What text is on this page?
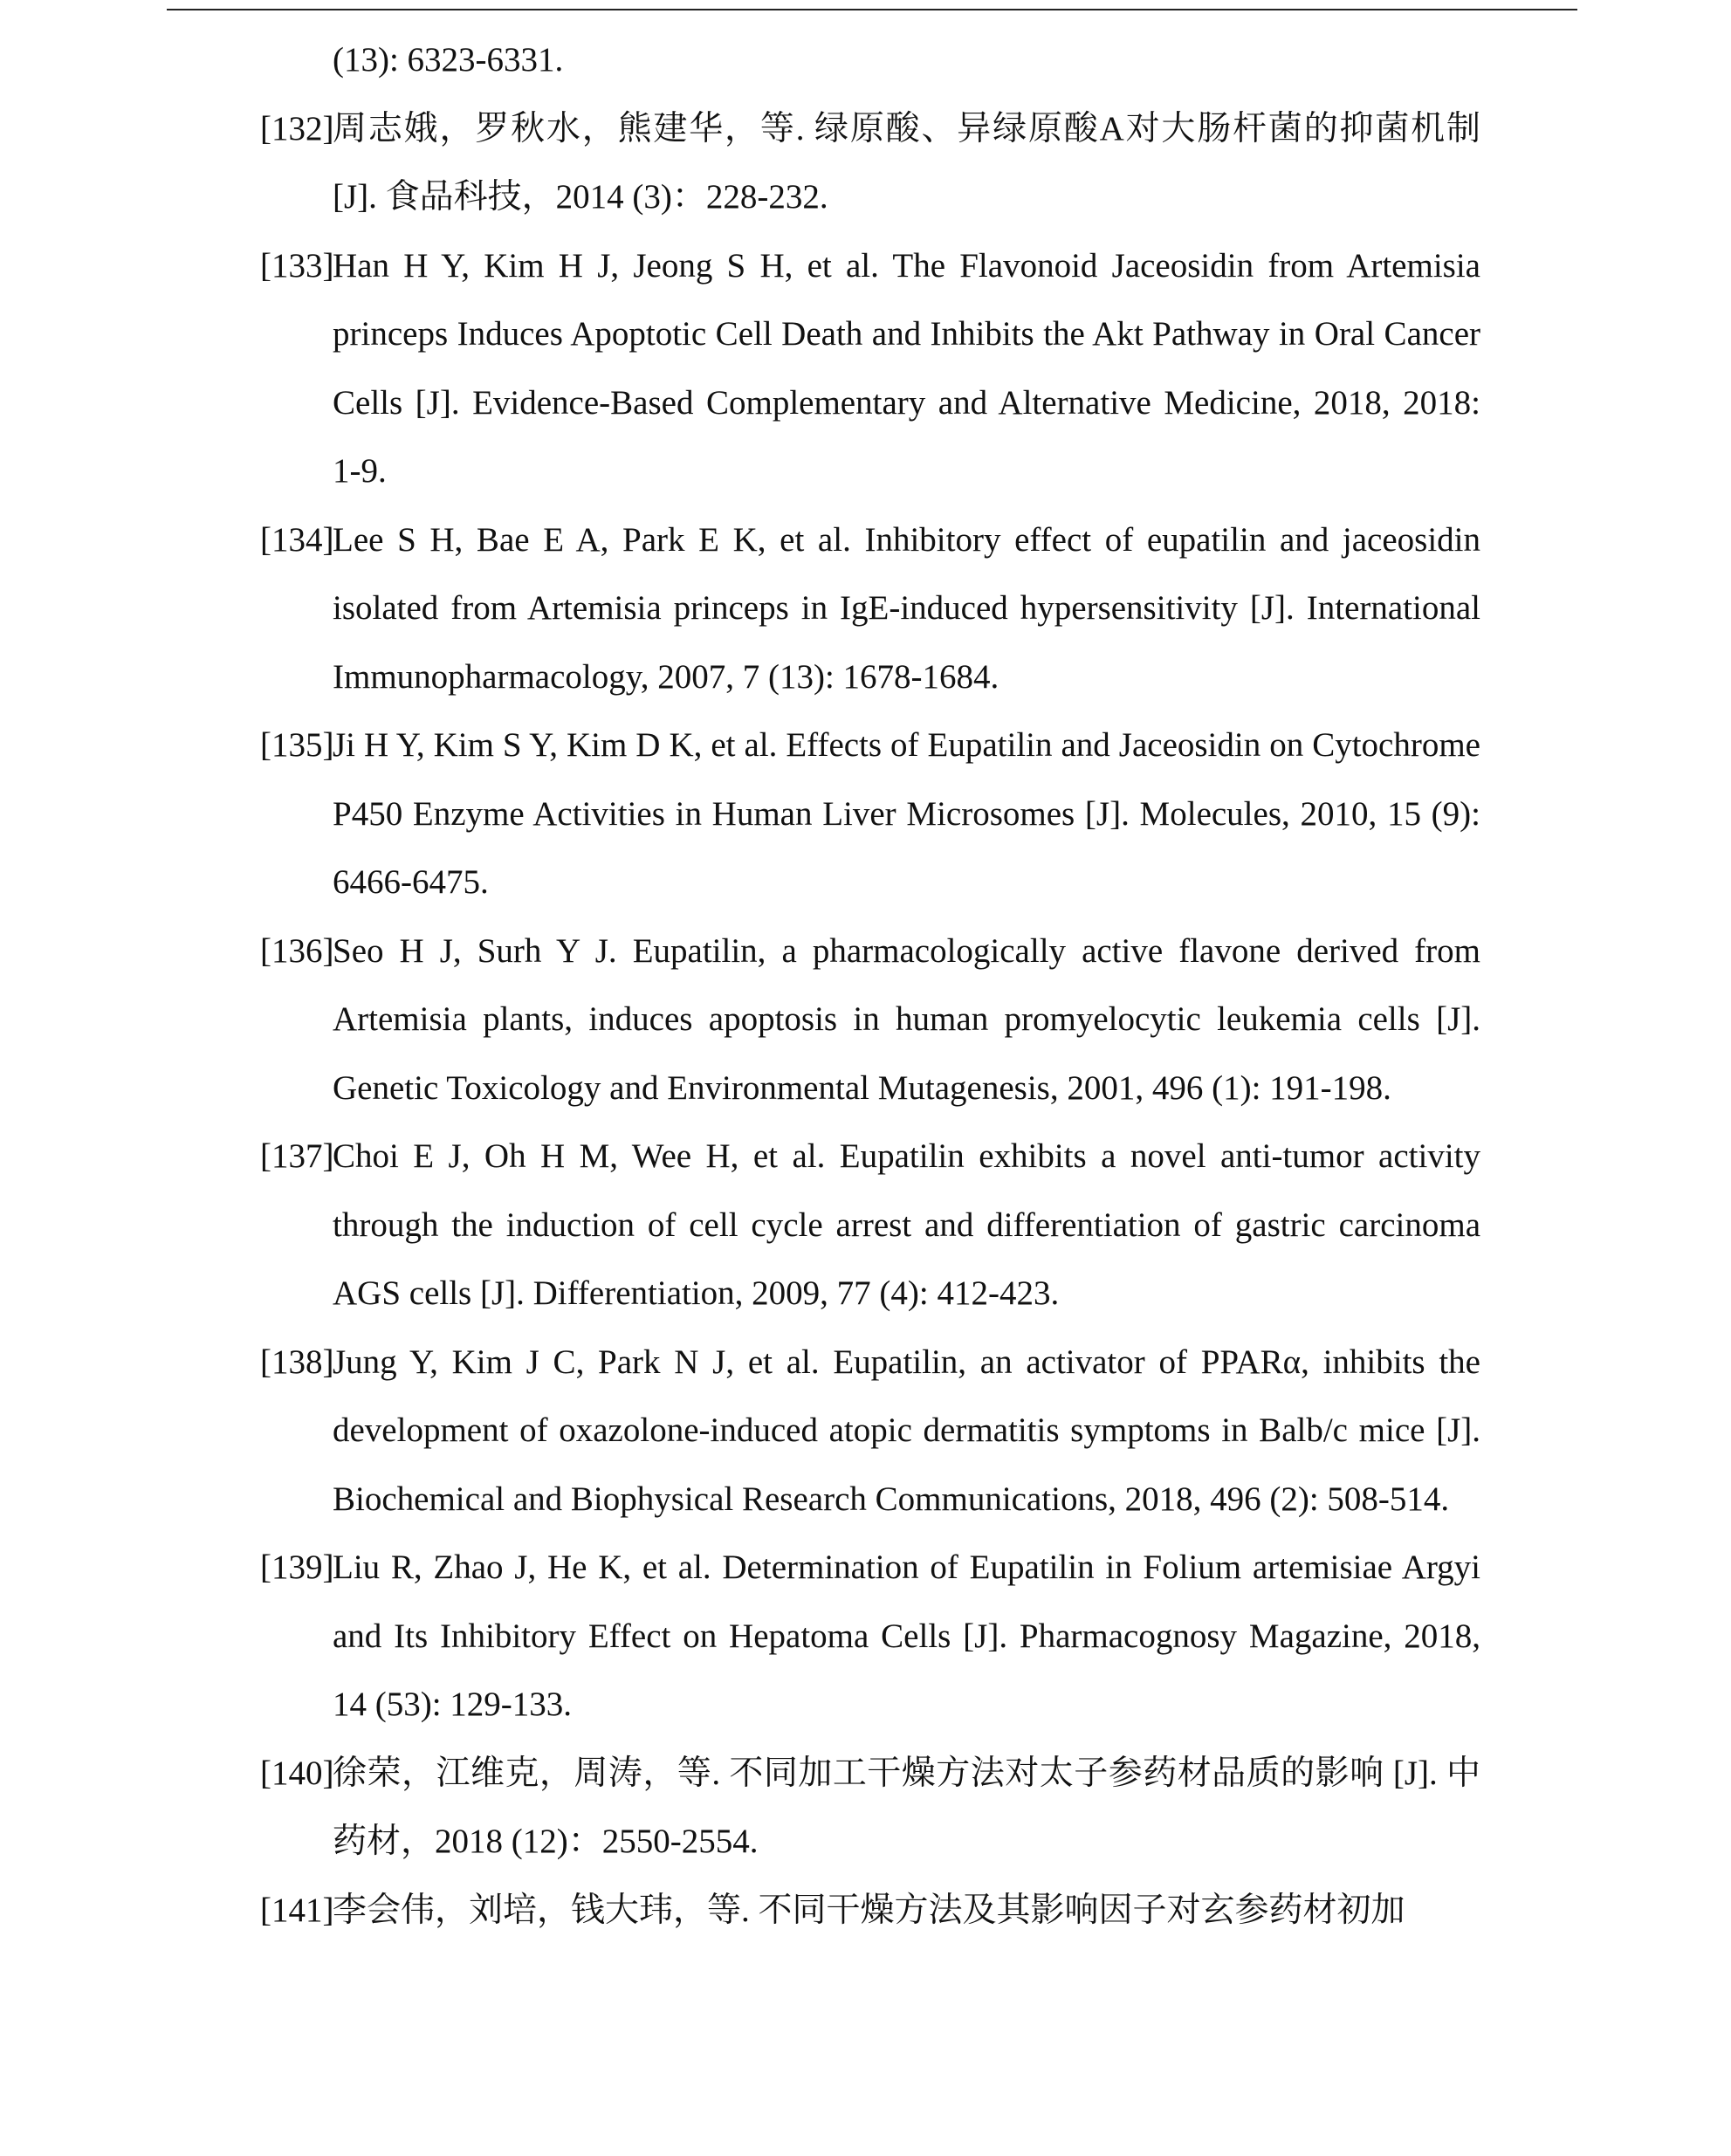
(13): 6323-6331.
[132]
周志娥，罗秋水，熊建华，等. 绿原酸、异绿原酸A对大肠杆菌的抑菌机制 [J]. 食品科技，2014 (3)：228-232.
[133]
Han H Y, Kim H J, Jeong S H, et al. The Flavonoid Jaceosidin from Artemisia princeps Induces Apoptotic Cell Death and Inhibits the Akt Pathway in Oral Cancer Cells [J]. Evidence-Based Complementary and Alternative Medicine, 2018, 2018: 1-9.
[134]
Lee S H, Bae E A, Park E K, et al. Inhibitory effect of eupatilin and jaceosidin isolated from Artemisia princeps in IgE-induced hypersensitivity [J]. International Immunopharmacology, 2007, 7 (13): 1678-1684.
[135]
Ji H Y, Kim S Y, Kim D K, et al. Effects of Eupatilin and Jaceosidin on Cytochrome P450 Enzyme Activities in Human Liver Microsomes [J]. Molecules, 2010, 15 (9): 6466-6475.
[136]
Seo H J, Surh Y J. Eupatilin, a pharmacologically active flavone derived from Artemisia plants, induces apoptosis in human promyelocytic leukemia cells [J]. Genetic Toxicology and Environmental Mutagenesis, 2001, 496 (1): 191-198.
[137]
Choi E J, Oh H M, Wee H, et al. Eupatilin exhibits a novel anti-tumor activity through the induction of cell cycle arrest and differentiation of gastric carcinoma AGS cells [J]. Differentiation, 2009, 77 (4): 412-423.
[138]
Jung Y, Kim J C, Park N J, et al. Eupatilin, an activator of PPARα, inhibits the development of oxazolone-induced atopic dermatitis symptoms in Balb/c mice [J]. Biochemical and Biophysical Research Communications, 2018, 496 (2): 508-514.
[139]
Liu R, Zhao J, He K, et al. Determination of Eupatilin in Folium artemisiae Argyi and Its Inhibitory Effect on Hepatoma Cells [J]. Pharmacognosy Magazine, 2018, 14 (53): 129-133.
[140]
徐荣，江维克，周涛，等. 不同加工干燥方法对太子参药材品质的影响 [J]. 中药材，2018 (12)：2550-2554.
[141]
李会伟，刘培，钱大玮，等. 不同干燥方法及其影响因子对玄参药材初加
